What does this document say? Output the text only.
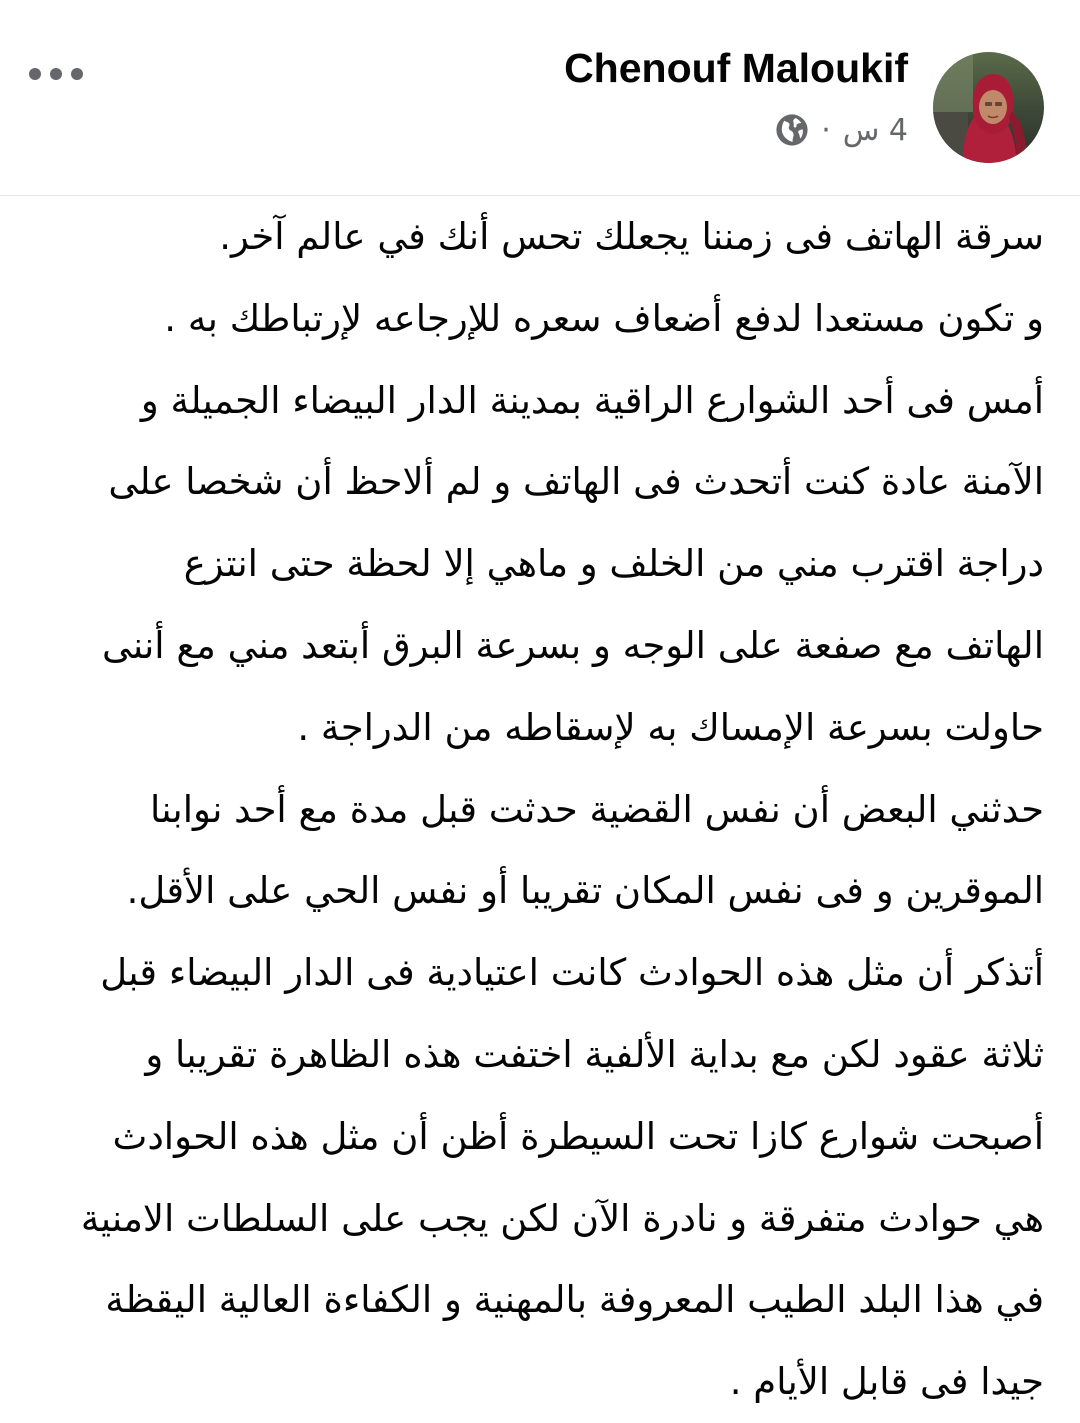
Chenouf Maloukif
4 س
·
سرقة الهاتف فى زمننا يجعلك تحس أنك في عالم آخر.
و تكون مستعدا لدفع أضعاف سعره للإرجاعه لإرتباطك به .
أمس فى أحد الشوارع الراقية بمدينة الدار البيضاء الجميلة و
الآمنة عادة كنت أتحدث فى الهاتف و لم ألاحظ أن شخصا على
دراجة اقترب مني من الخلف و ماهي إلا لحظة حتى انتزع
الهاتف مع صفعة على الوجه و بسرعة البرق أبتعد مني مع أننى
حاولت بسرعة الإمساك به لإسقاطه من الدراجة .
حدثني البعض أن نفس القضية حدثت قبل مدة مع أحد نوابنا
الموقرين و فى نفس المكان تقريبا أو نفس الحي على الأقل.
أتذكر أن مثل هذه الحوادث كانت اعتيادية فى الدار البيضاء قبل
ثلاثة عقود لكن مع بداية الألفية اختفت هذه الظاهرة تقريبا و
أصبحت شوارع كازا تحت السيطرة أظن أن مثل هذه الحوادث
هي حوادث متفرقة و نادرة الآن لكن يجب على السلطات الامنية
في هذا البلد الطيب المعروفة بالمهنية و الكفاءة العالية اليقظة
جيدا فى قابل الأيام .
